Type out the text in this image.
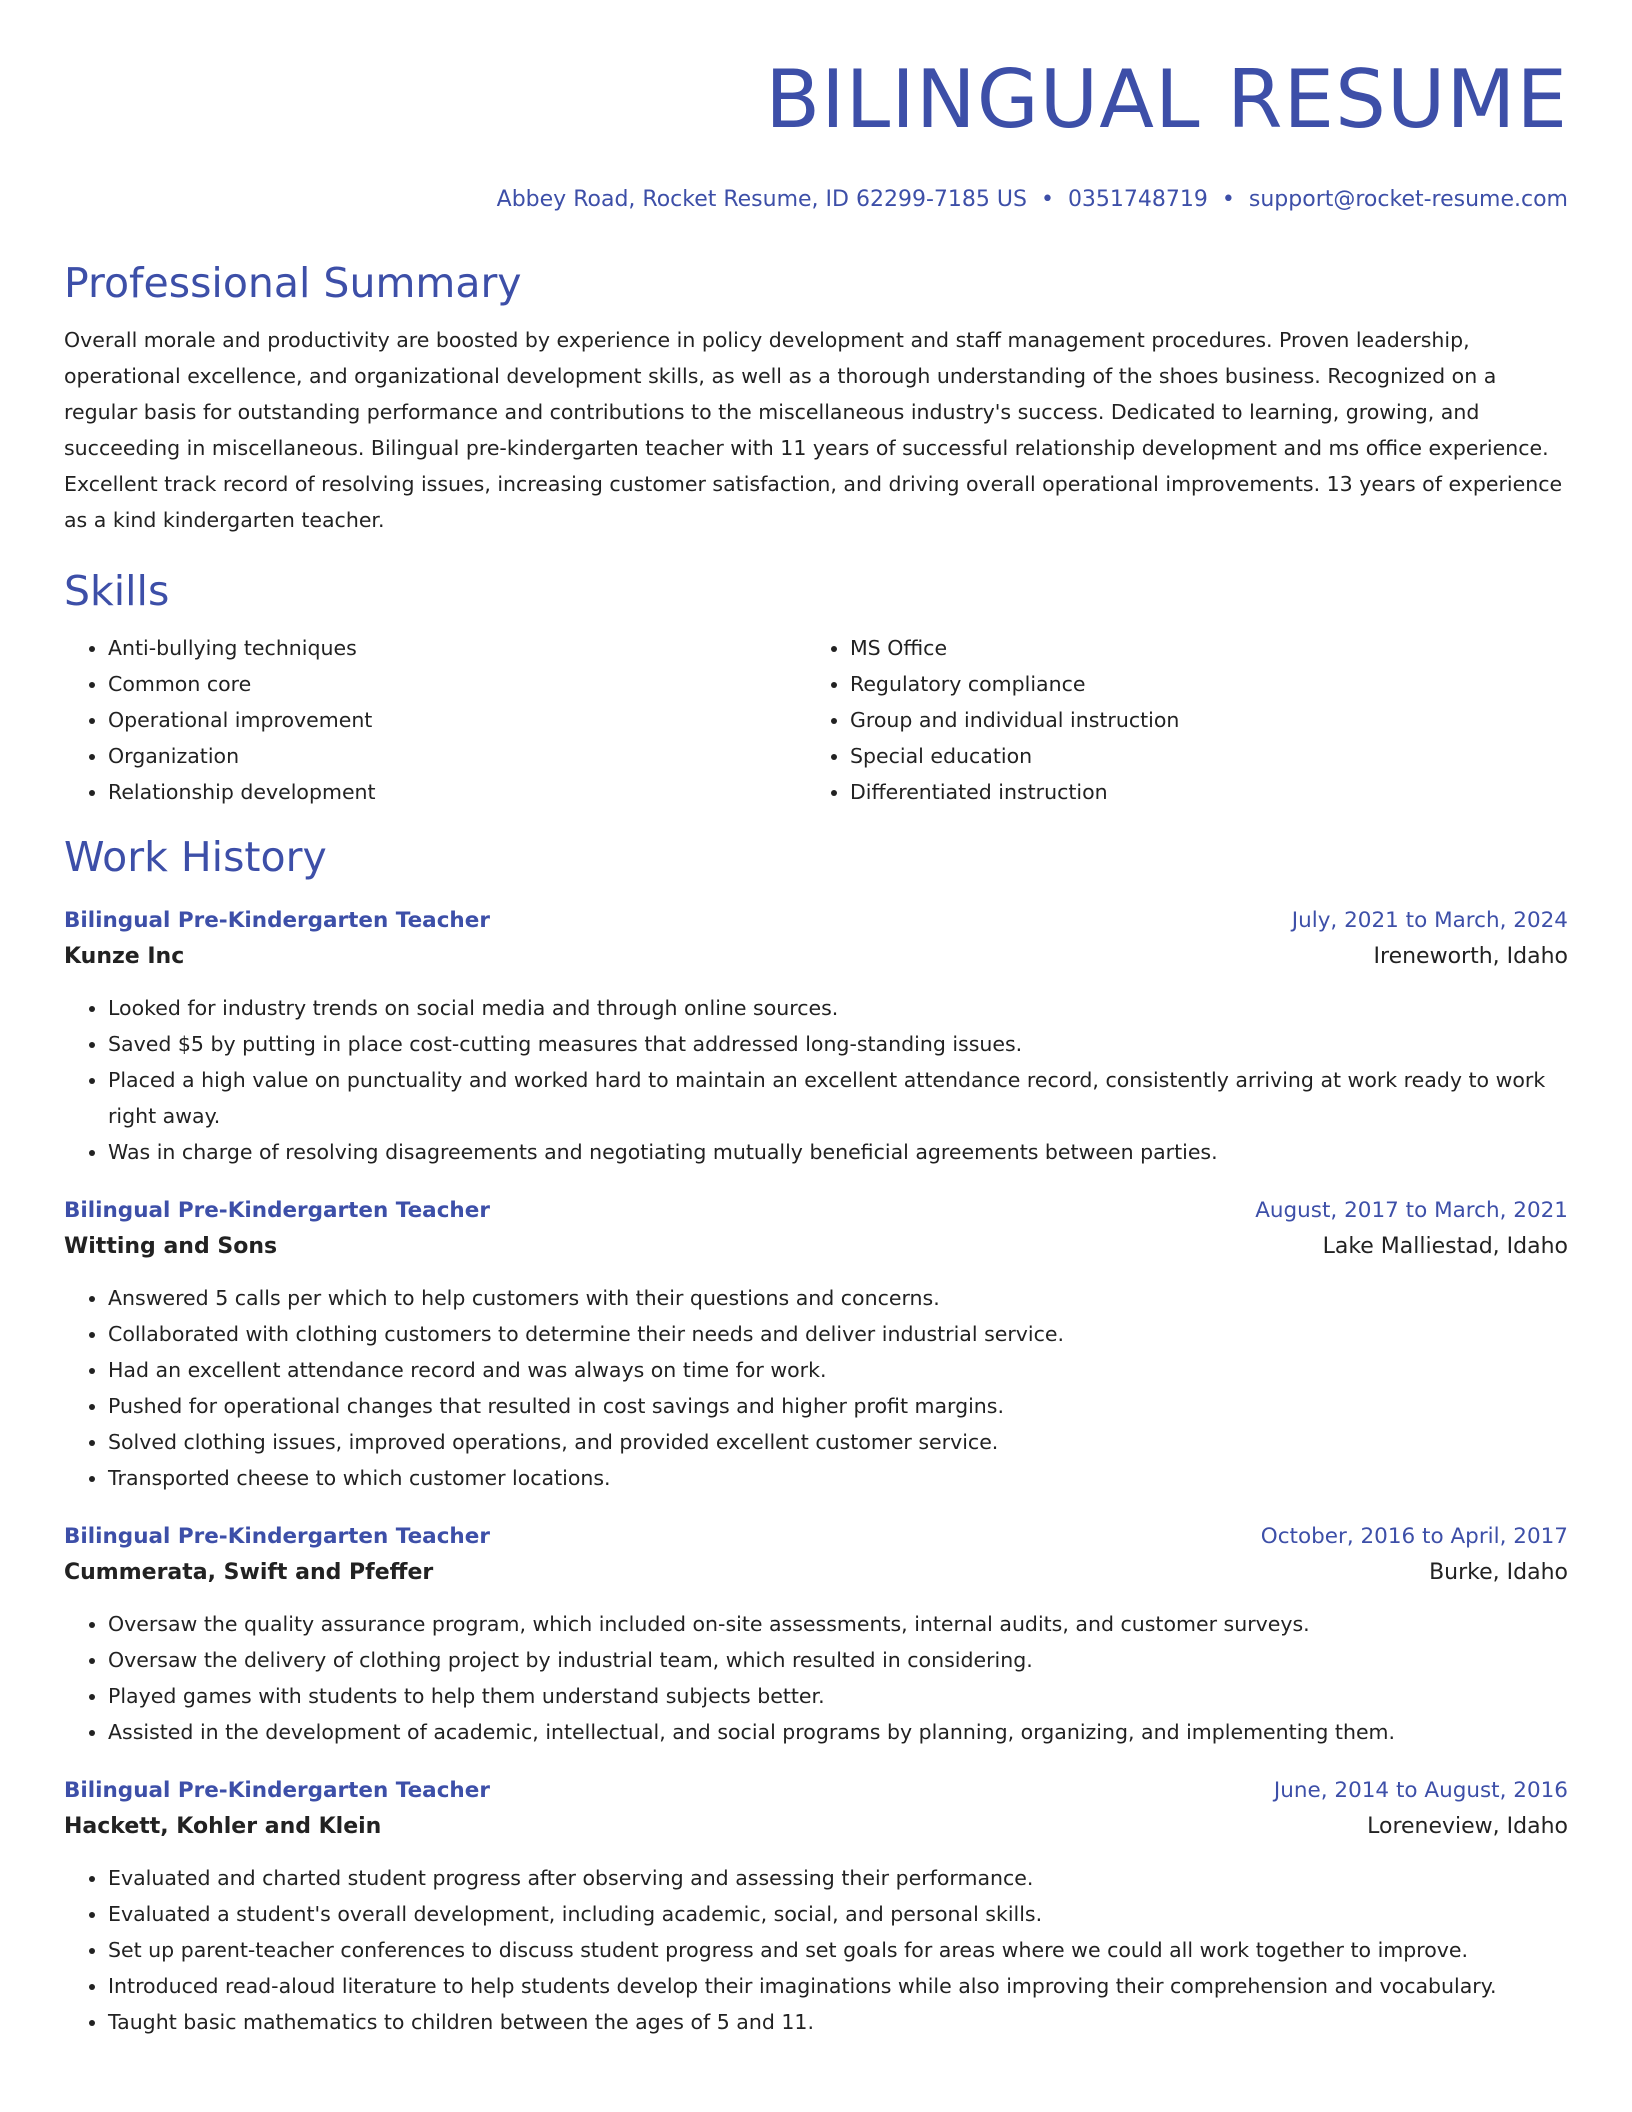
BILINGUAL RESUME
Abbey Road, Rocket Resume, ID 62299-7185 US • 0351748719 • support@rocket-resume.com
Professional Summary

Overall morale and productivity are boosted by experience in policy development and staff management procedures. Proven leadership, operational excellence, and organizational development skills, as well as a thorough understanding of the shoes business. Recognized on a regular basis for outstanding performance and contributions to the miscellaneous industry's success. Dedicated to learning, growing, and succeeding in miscellaneous. Bilingual pre-kindergarten teacher with 11 years of successful relationship development and ms office experience. Excellent track record of resolving issues, increasing customer satisfaction, and driving overall operational improvements. 13 years of experience as a kind kindergarten teacher.

Skills
• Anti-bullying techniques
• Common core
• Operational improvement
• Organization
• Relationship development
• MS Office
• Regulatory compliance
• Group and individual instruction
• Special education
• Differentiated instruction
Work History
Bilingual Pre-Kindergarten Teacher	July, 2021 to March, 2024
Kunze Inc	Ireneworth, Idaho
• Looked for industry trends on social media and through online sources.
• Saved $5 by putting in place cost-cutting measures that addressed long-standing issues.
• Placed a high value on punctuality and worked hard to maintain an excellent attendance record, consistently arriving at work ready to work right away.
• Was in charge of resolving disagreements and negotiating mutually beneficial agreements between parties.
Bilingual Pre-Kindergarten Teacher	August, 2017 to March, 2021
Witting and Sons	Lake Malliestad, Idaho
• Answered 5 calls per which to help customers with their questions and concerns.
• Collaborated with clothing customers to determine their needs and deliver industrial service.
• Had an excellent attendance record and was always on time for work.
• Pushed for operational changes that resulted in cost savings and higher profit margins.
• Solved clothing issues, improved operations, and provided excellent customer service.
• Transported cheese to which customer locations.
Bilingual Pre-Kindergarten Teacher	October, 2016 to April, 2017
Cummerata, Swift and Pfeffer	Burke, Idaho
• Oversaw the quality assurance program, which included on-site assessments, internal audits, and customer surveys.
• Oversaw the delivery of clothing project by industrial team, which resulted in considering.
• Played games with students to help them understand subjects better.
• Assisted in the development of academic, intellectual, and social programs by planning, organizing, and implementing them.
Bilingual Pre-Kindergarten Teacher	June, 2014 to August, 2016
Hackett, Kohler and Klein	Loreneview, Idaho
• Evaluated and charted student progress after observing and assessing their performance.
• Evaluated a student's overall development, including academic, social, and personal skills.
• Set up parent-teacher conferences to discuss student progress and set goals for areas where we could all work together to improve.
• Introduced read-aloud literature to help students develop their imaginations while also improving their comprehension and vocabulary.
• Taught basic mathematics to children between the ages of 5 and 11.
